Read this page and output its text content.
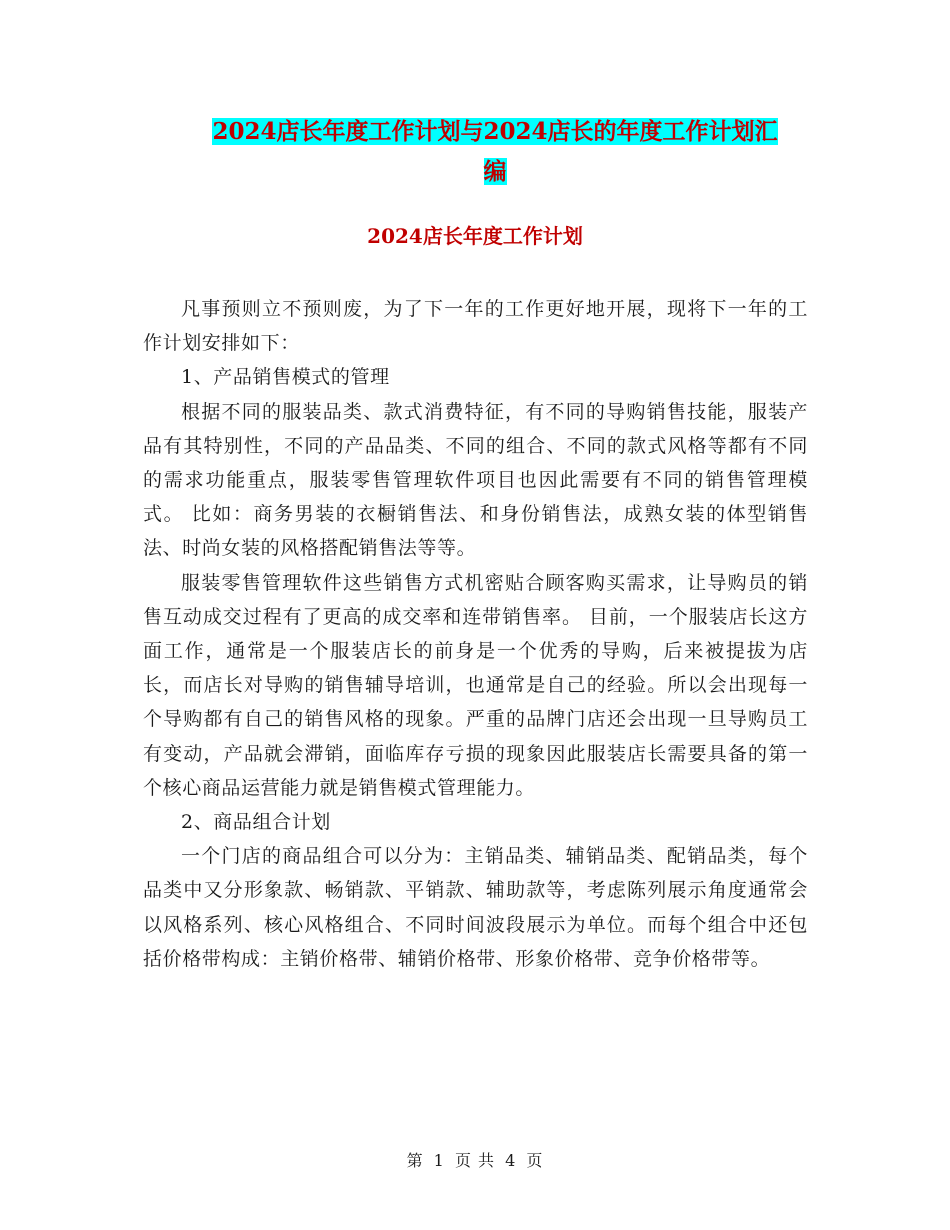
2024店长年度工作计划与2024店长的年度工作计划汇
编
2024店长年度工作计划

凡事预则立不预则废，为了下一年的工作更好地开展，现将下一年的工作计划安排如下：

1、产品销售模式的管理

根据不同的服装品类、款式消费特征，有不同的导购销售技能，服装产品有其特别性，不同的产品品类、不同的组合、不同的款式风格等都有不同的需求功能重点，服装零售管理软件项目也因此需要有不同的销售管理模式。 比如：商务男装的衣橱销售法、和身份销售法，成熟女装的体型销售法、时尚女装的风格搭配销售法等等。

服装零售管理软件这些销售方式机密贴合顾客购买需求，让导购员的销售互动成交过程有了更高的成交率和连带销售率。 目前，一个服装店长这方面工作，通常是一个服装店长的前身是一个优秀的导购，后来被提拔为店长，而店长对导购的销售辅导培训，也通常是自己的经验。所以会出现每一个导购都有自己的销售风格的现象。严重的品牌门店还会出现一旦导购员工有变动，产品就会滞销，面临库存亏损的现象因此服装店长需要具备的第一个核心商品运营能力就是销售模式管理能力。

2、商品组合计划

一个门店的商品组合可以分为：主销品类、辅销品类、配销品类，每个品类中又分形象款、畅销款、平销款、辅助款等，考虑陈列展示角度通常会以风格系列、核心风格组合、不同时间波段展示为单位。而每个组合中还包括价格带构成：主销价格带、辅销价格带、形象价格带、竞争价格带等。

第 1 页 共 4 页
